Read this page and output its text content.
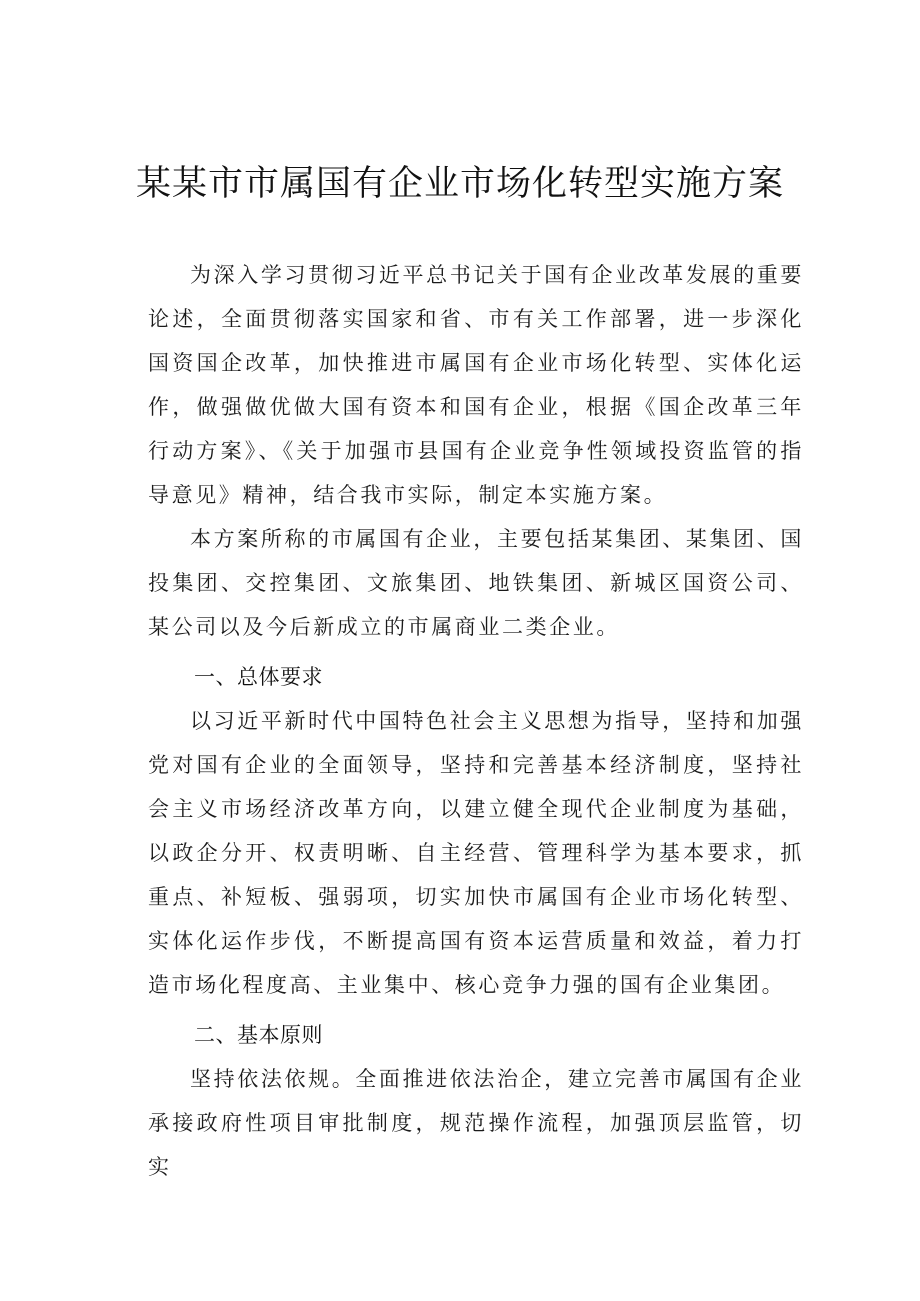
某某市市属国有企业市场化转型实施方案

为深入学习贯彻习近平总书记关于国有企业改革发展的重要论述，全面贯彻落实国家和省、市有关工作部署，进一步深化国资国企改革，加快推进市属国有企业市场化转型、实体化运作，做强做优做大国有资本和国有企业，根据《国企改革三年行动方案》、《关于加强市县国有企业竞争性领域投资监管的指导意见》精神，结合我市实际，制定本实施方案。

本方案所称的市属国有企业，主要包括某集团、某集团、国投集团、交控集团、文旅集团、地铁集团、新城区国资公司、某公司以及今后新成立的市属商业二类企业。

一、总体要求

以习近平新时代中国特色社会主义思想为指导，坚持和加强党对国有企业的全面领导，坚持和完善基本经济制度，坚持社会主义市场经济改革方向，以建立健全现代企业制度为基础，以政企分开、权责明晰、自主经营、管理科学为基本要求，抓重点、补短板、强弱项，切实加快市属国有企业市场化转型、实体化运作步伐，不断提高国有资本运营质量和效益，着力打造市场化程度高、主业集中、核心竞争力强的国有企业集团。

二、基本原则

坚持依法依规。全面推进依法治企，建立完善市属国有企业承接政府性项目审批制度，规范操作流程，加强顶层监管，切实
